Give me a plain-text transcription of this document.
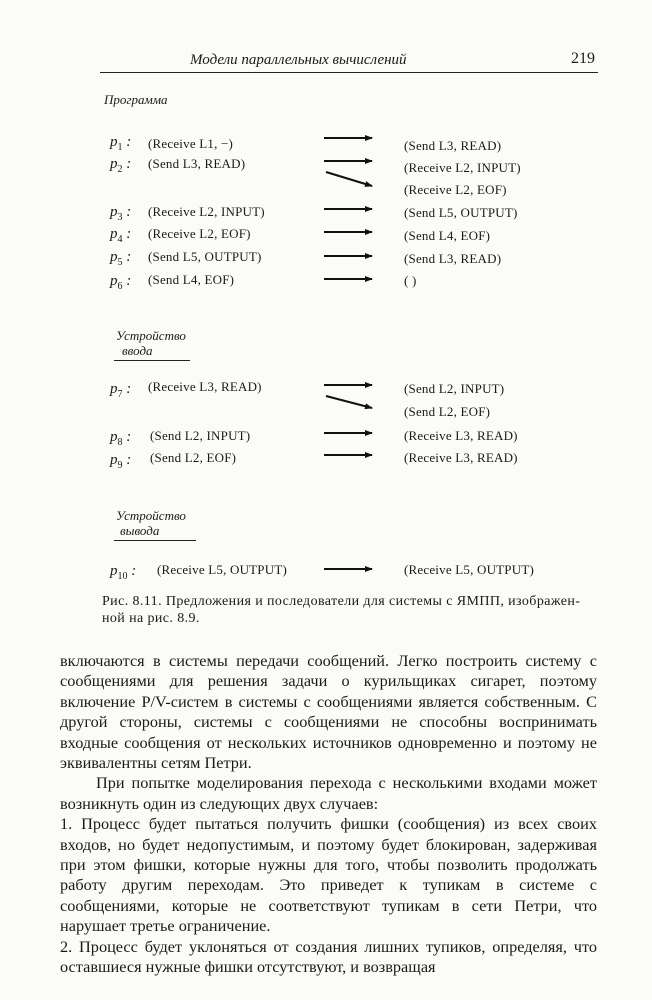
Модели параллельных вычислений	219
Программа
Устройство
ввода
Устройство
вывода
$p_1$ : (Receive L1, −)	(Send L3, READ)
$p_2$ : (Send L3, READ)	(Receive L2, INPUT)
(Receive L2, EOF)
$p_3$ : (Receive L2, INPUT)	(Send L5, OUTPUT)
$p_4$ : (Receive L2, EOF)	(Send L4, EOF)
$p_5$ : (Send L5, OUTPUT)	(Send L3, READ)
$p_6$ : (Send L4, EOF)	( )
$p_7$ : (Receive L3, READ)	(Send L2, INPUT)
(Send L2, EOF)
$p_8$ : (Send L2, INPUT)	(Receive L3, READ)
$p_9$ : (Send L2, EOF)	(Receive L3, READ)
$p_{10}$ : (Receive L5, OUTPUT)	(Receive L5, OUTPUT)
Рис. 8.11. Предложения и последователи для системы с ЯМПП, изображен-
ной на рис. 8.9.

включаются в системы передачи сообщений. Легко построить систему с сообщениями для решения задачи о курильщиках сигарет, поэтому включение P/V-систем в системы с сообщениями является собственным. С другой стороны, системы с сообщениями не способны воспринимать входные сообщения от нескольких источников одновременно и поэтому не эквивалентны сетям Петри.

При попытке моделирования перехода с несколькими входами может возникнуть один из следующих двух случаев:

1. Процесс будет пытаться получить фишки (сообщения) из всех своих входов, но будет недопустимым, и поэтому будет блокирован, задерживая при этом фишки, которые нужны для того, чтобы позволить продолжать работу другим переходам. Это приведет к тупикам в системе с сообщениями, которые не соответствуют тупикам в сети Петри, что нарушает третье ограничение.

2. Процесс будет уклоняться от создания лишних тупиков, определяя, что оставшиеся нужные фишки отсутствуют, и возвращая
